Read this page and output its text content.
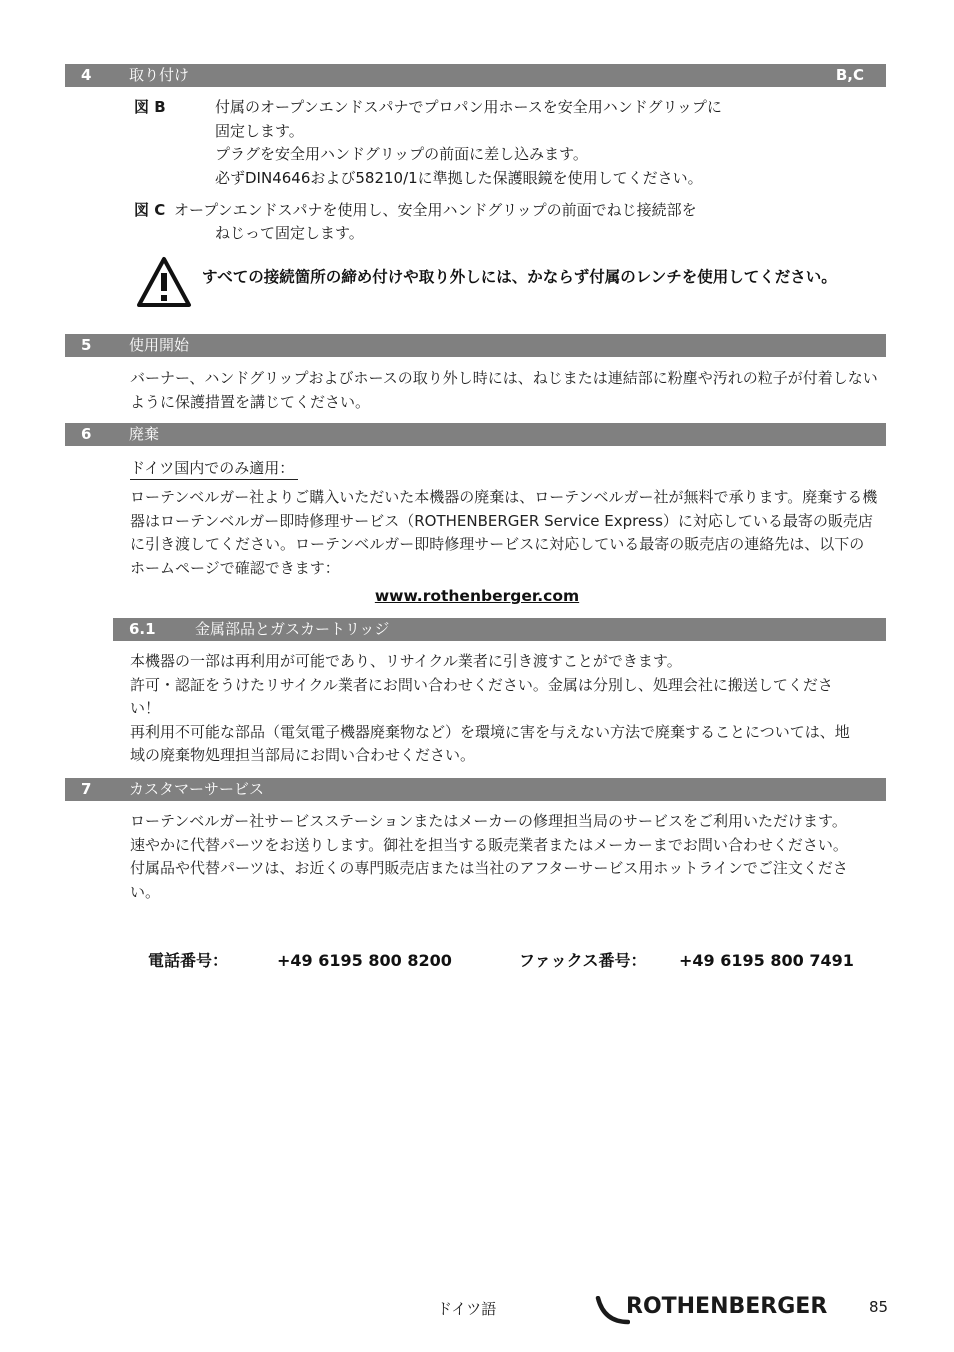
4	取り付け	B,C
図 B	付属のオープンエンドスパナでプロパン用ホースを安全用ハンドグリップに
固定します。
プラグを安全用ハンドグリップの前面に差し込みます。
必ずDIN4646および58210/1に準拠した保護眼鏡を使用してください。
図 C オープンエンドスパナを使用し、安全用ハンドグリップの前面でねじ接続部を
ねじって固定します。
すべての接続箇所の締め付けや取り外しには、かならず付属のレンチを使用してください。
5	使用開始
バーナー、ハンドグリップおよびホースの取り外し時には、ねじまたは連結部に粉塵や汚れの粒子が付着しないように保護措置を講じてください。
6	廃棄
ドイツ国内でのみ適用：
ローテンベルガー社よりご購入いただいた本機器の廃棄は、ローテンベルガー社が無料で承ります。廃棄する機器はローテンベルガー即時修理サービス（ROTHENBERGER Service Express）に対応している最寄の販売店に引き渡してください。ローテンベルガー即時修理サービスに対応している最寄の販売店の連絡先は、以下のホームページで確認できます：
www.rothenberger.com
6.1	金属部品とガスカートリッジ
本機器の一部は再利用が可能であり、リサイクル業者に引き渡すことができます。
許可・認証をうけたリサイクル業者にお問い合わせください。金属は分別し、処理会社に搬送してください！
再利用不可能な部品（電気電子機器廃棄物など）を環境に害を与えない方法で廃棄することについては、地域の廃棄物処理担当部局にお問い合わせください。
7	カスタマーサービス
ローテンベルガー社サービスステーションまたはメーカーの修理担当局のサービスをご利用いただけます。速やかに代替パーツをお送りします。御社を担当する販売業者またはメーカーまでお問い合わせください。
付属品や代替パーツは、お近くの専門販売店または当社のアフターサービス用ホットラインでご注文ください。
電話番号：	+49 6195 800 8200	ファックス番号： +49 6195 800 7491
ドイツ語	ROTHENBERGER	85
